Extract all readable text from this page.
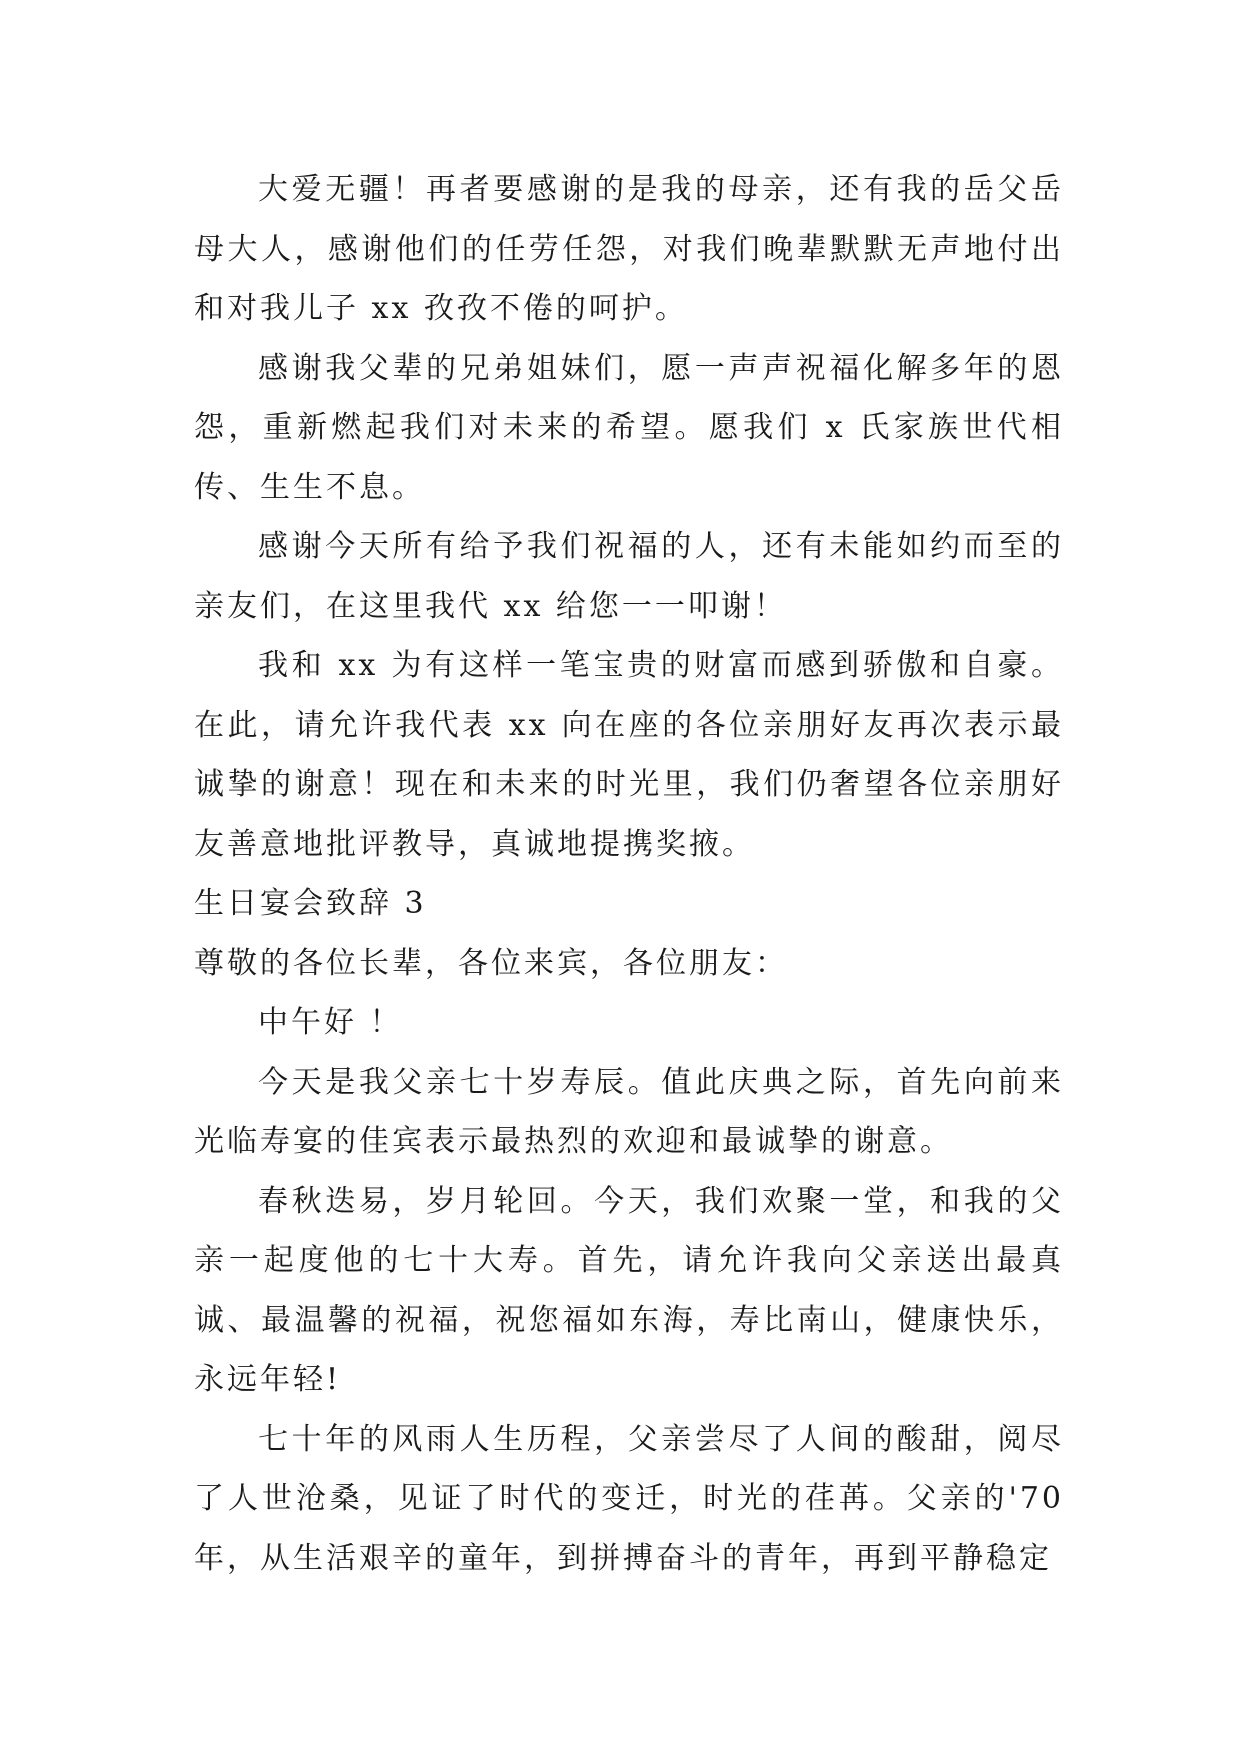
大爱无疆！再者要感谢的是我的母亲，还有我的岳父岳母大人，感谢他们的任劳任怨，对我们晚辈默默无声地付出和对我儿子 xx 孜孜不倦的呵护。

感谢我父辈的兄弟姐妹们，愿一声声祝福化解多年的恩怨，重新燃起我们对未来的希望。愿我们 x 氏家族世代相传、生生不息。

感谢今天所有给予我们祝福的人，还有未能如约而至的亲友们，在这里我代 xx 给您一一叩谢！

我和 xx 为有这样一笔宝贵的财富而感到骄傲和自豪。在此，请允许我代表 xx 向在座的各位亲朋好友再次表示最诚挚的谢意！现在和未来的时光里，我们仍奢望各位亲朋好友善意地批评教导，真诚地提携奖掖。

生日宴会致辞 3

尊敬的各位长辈，各位来宾，各位朋友：

中午好 ！

今天是我父亲七十岁寿辰。值此庆典之际，首先向前来光临寿宴的佳宾表示最热烈的欢迎和最诚挚的谢意。

春秋迭易，岁月轮回。今天，我们欢聚一堂，和我的父亲一起度他的七十大寿。首先，请允许我向父亲送出最真诚、最温馨的祝福，祝您福如东海，寿比南山，健康快乐，永远年轻!

七十年的风雨人生历程，父亲尝尽了人间的酸甜，阅尽了人世沧桑，见证了时代的变迁，时光的荏苒。父亲的'70年，从生活艰辛的童年，到拼搏奋斗的青年，再到平静稳定
